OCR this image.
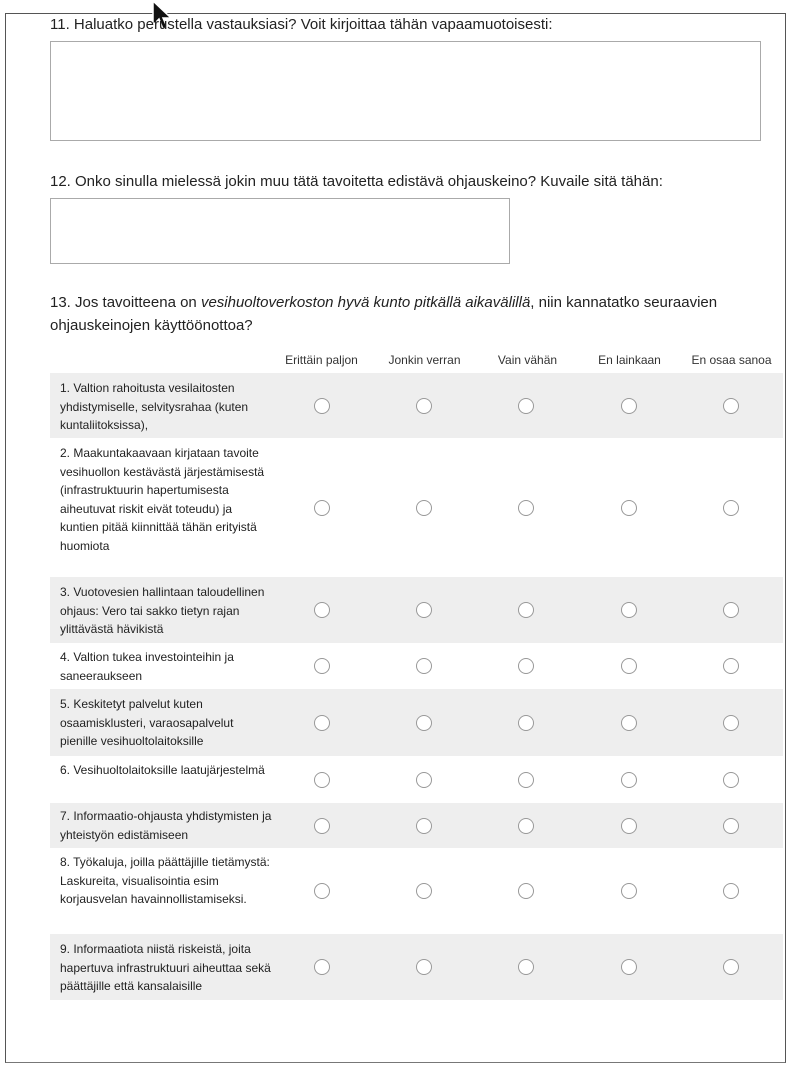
11. Haluatko perustella vastauksiasi? Voit kirjoittaa tähän vapaamuotoisesti:
12. Onko sinulla mielessä jokin muu tätä tavoitetta edistävä ohjauskeino? Kuvaile sitä tähän:
13. Jos tavoitteena on vesihuoltoverkoston hyvä kunto pitkällä aikavälillä, niin kannatatko seuraavien ohjauskeinojen käyttöönottoa?
Erittäin paljon	Jonkin verran	Vain vähän	En lainkaan	En osaa sanoa
1. Valtion rahoitusta vesilaitosten yhdistymiselle, selvitysrahaa (kuten kuntaliitoksissa),
2. Maakuntakaavaan kirjataan tavoite vesihuollon kestävästä järjestämisestä (infrastruktuurin hapertumisesta aiheutuvat riskit eivät toteudu) ja kuntien pitää kiinnittää tähän erityistä huomiota
3. Vuotovesien hallintaan taloudellinen ohjaus: Vero tai sakko tietyn rajan ylittävästä hävikistä
4. Valtion tukea investointeihin ja saneeraukseen
5. Keskitetyt palvelut kuten osaamisklusteri, varaosapalvelut pienille vesihuoltolaitoksille
6. Vesihuoltolaitoksille laatujärjestelmä
7. Informaatio-ohjausta yhdistymisten ja yhteistyön edistämiseen
8. Työkaluja, joilla päättäjille tietämystä: Laskureita, visualisointia esim korjausvelan havainnollistamiseksi.
9. Informaatiota niistä riskeistä, joita hapertuva infrastruktuuri aiheuttaa sekä päättäjille että kansalaisille
